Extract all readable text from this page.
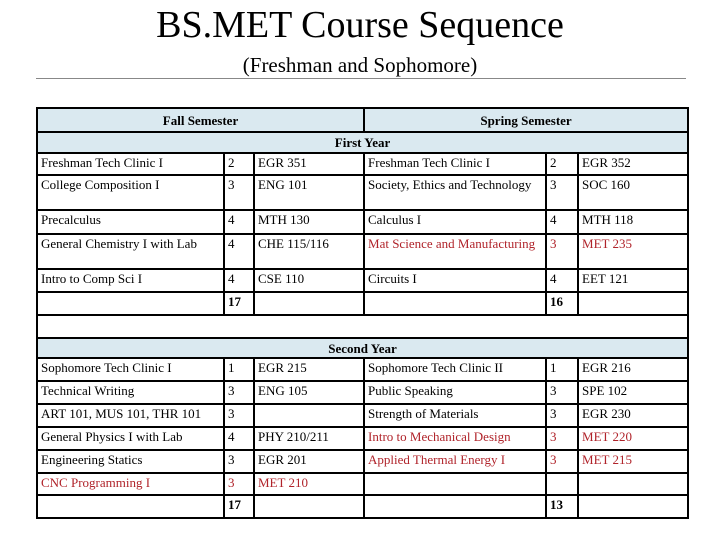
BS.MET Course Sequence
(Freshman and Sophomore)
Fall Semester			Spring Semester		
First Year					
Freshman Tech Clinic I	2	EGR 351	Freshman Tech Clinic I	2	EGR 352
College Composition I	3	ENG 101	Society, Ethics and Technology	3	SOC 160
Precalculus	4	MTH 130	Calculus I	4	MTH 118
General Chemistry I with Lab	4	CHE 115/116	Mat Science and Manufacturing	3	MET 235
Intro to Comp Sci I	4	CSE 110	Circuits I	4	EET 121
	17			16	

Second Year					
Sophomore Tech Clinic I	1	EGR 215	Sophomore Tech Clinic II	1	EGR 216
Technical Writing	3	ENG 105	Public Speaking	3	SPE 102
ART 101, MUS 101, THR 101	3		Strength of Materials	3	EGR 230
General Physics I with Lab	4	PHY 210/211	Intro to Mechanical Design	3	MET 220
Engineering Statics	3	EGR 201	Applied Thermal Energy I	3	MET 215
CNC Programming I	3	MET 210			
	17			13	
